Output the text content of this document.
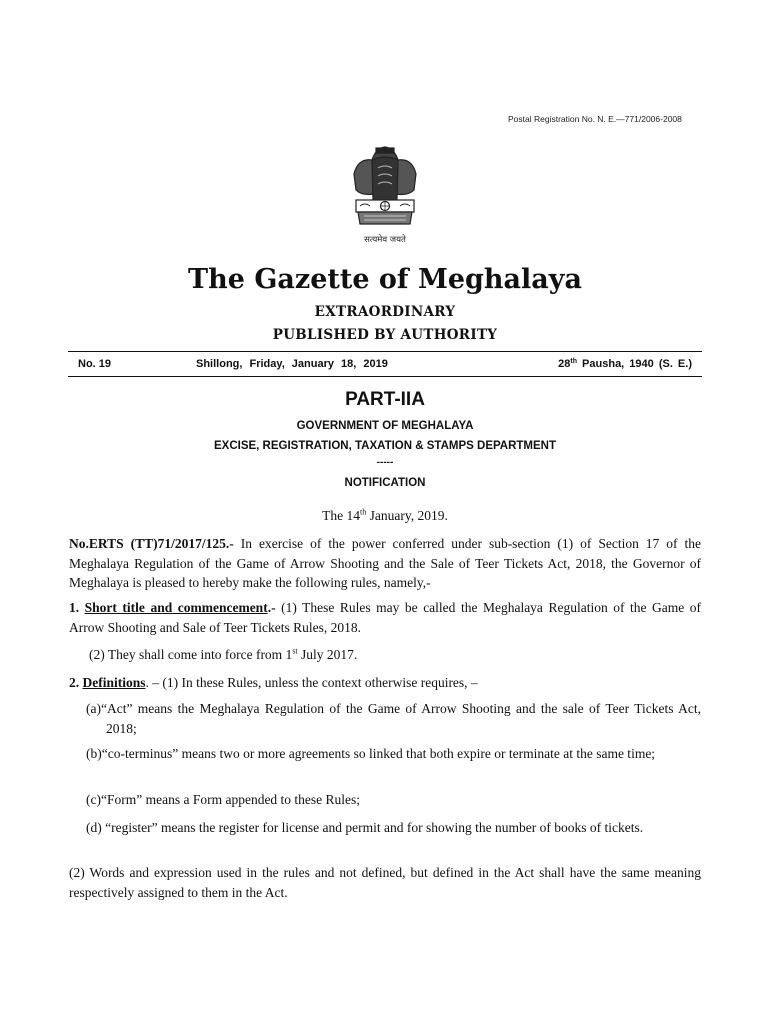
Postal Registration No. N. E.—771/2006-2008
सत्यमेव जयते
The Gazette of Meghalaya
EXTRAORDINARY
PUBLISHED BY AUTHORITY
No. 19	Shillong, Friday, January 18, 2019	28th Pausha, 1940 (S. E.)
PART-IIA
GOVERNMENT OF MEGHALAYA
EXCISE, REGISTRATION, TAXATION & STAMPS DEPARTMENT
-----
NOTIFICATION
The 14th January, 2019.
No.ERTS (TT)71/2017/125.- In exercise of the power conferred under sub-section (1) of Section 17 of the Meghalaya Regulation of the Game of Arrow Shooting and the Sale of Teer Tickets Act, 2018, the Governor of Meghalaya is pleased to hereby make the following rules, namely,-
1. Short title and commencement.- (1) These Rules may be called the Meghalaya Regulation of the Game of Arrow Shooting and Sale of Teer Tickets Rules, 2018.
(2) They shall come into force from 1st July 2017.
2. Definitions. – (1) In these Rules, unless the context otherwise requires, –
(a)“Act” means the Meghalaya Regulation of the Game of Arrow Shooting and the sale of Teer Tickets Act, 2018;
(b)“co-terminus” means two or more agreements so linked that both expire or terminate at the same time;
(c)“Form” means a Form appended to these Rules;
(d) “register” means the register for license and permit and for showing the number of books of tickets.
(2) Words and expression used in the rules and not defined, but defined in the Act shall have the same meaning respectively assigned to them in the Act.
